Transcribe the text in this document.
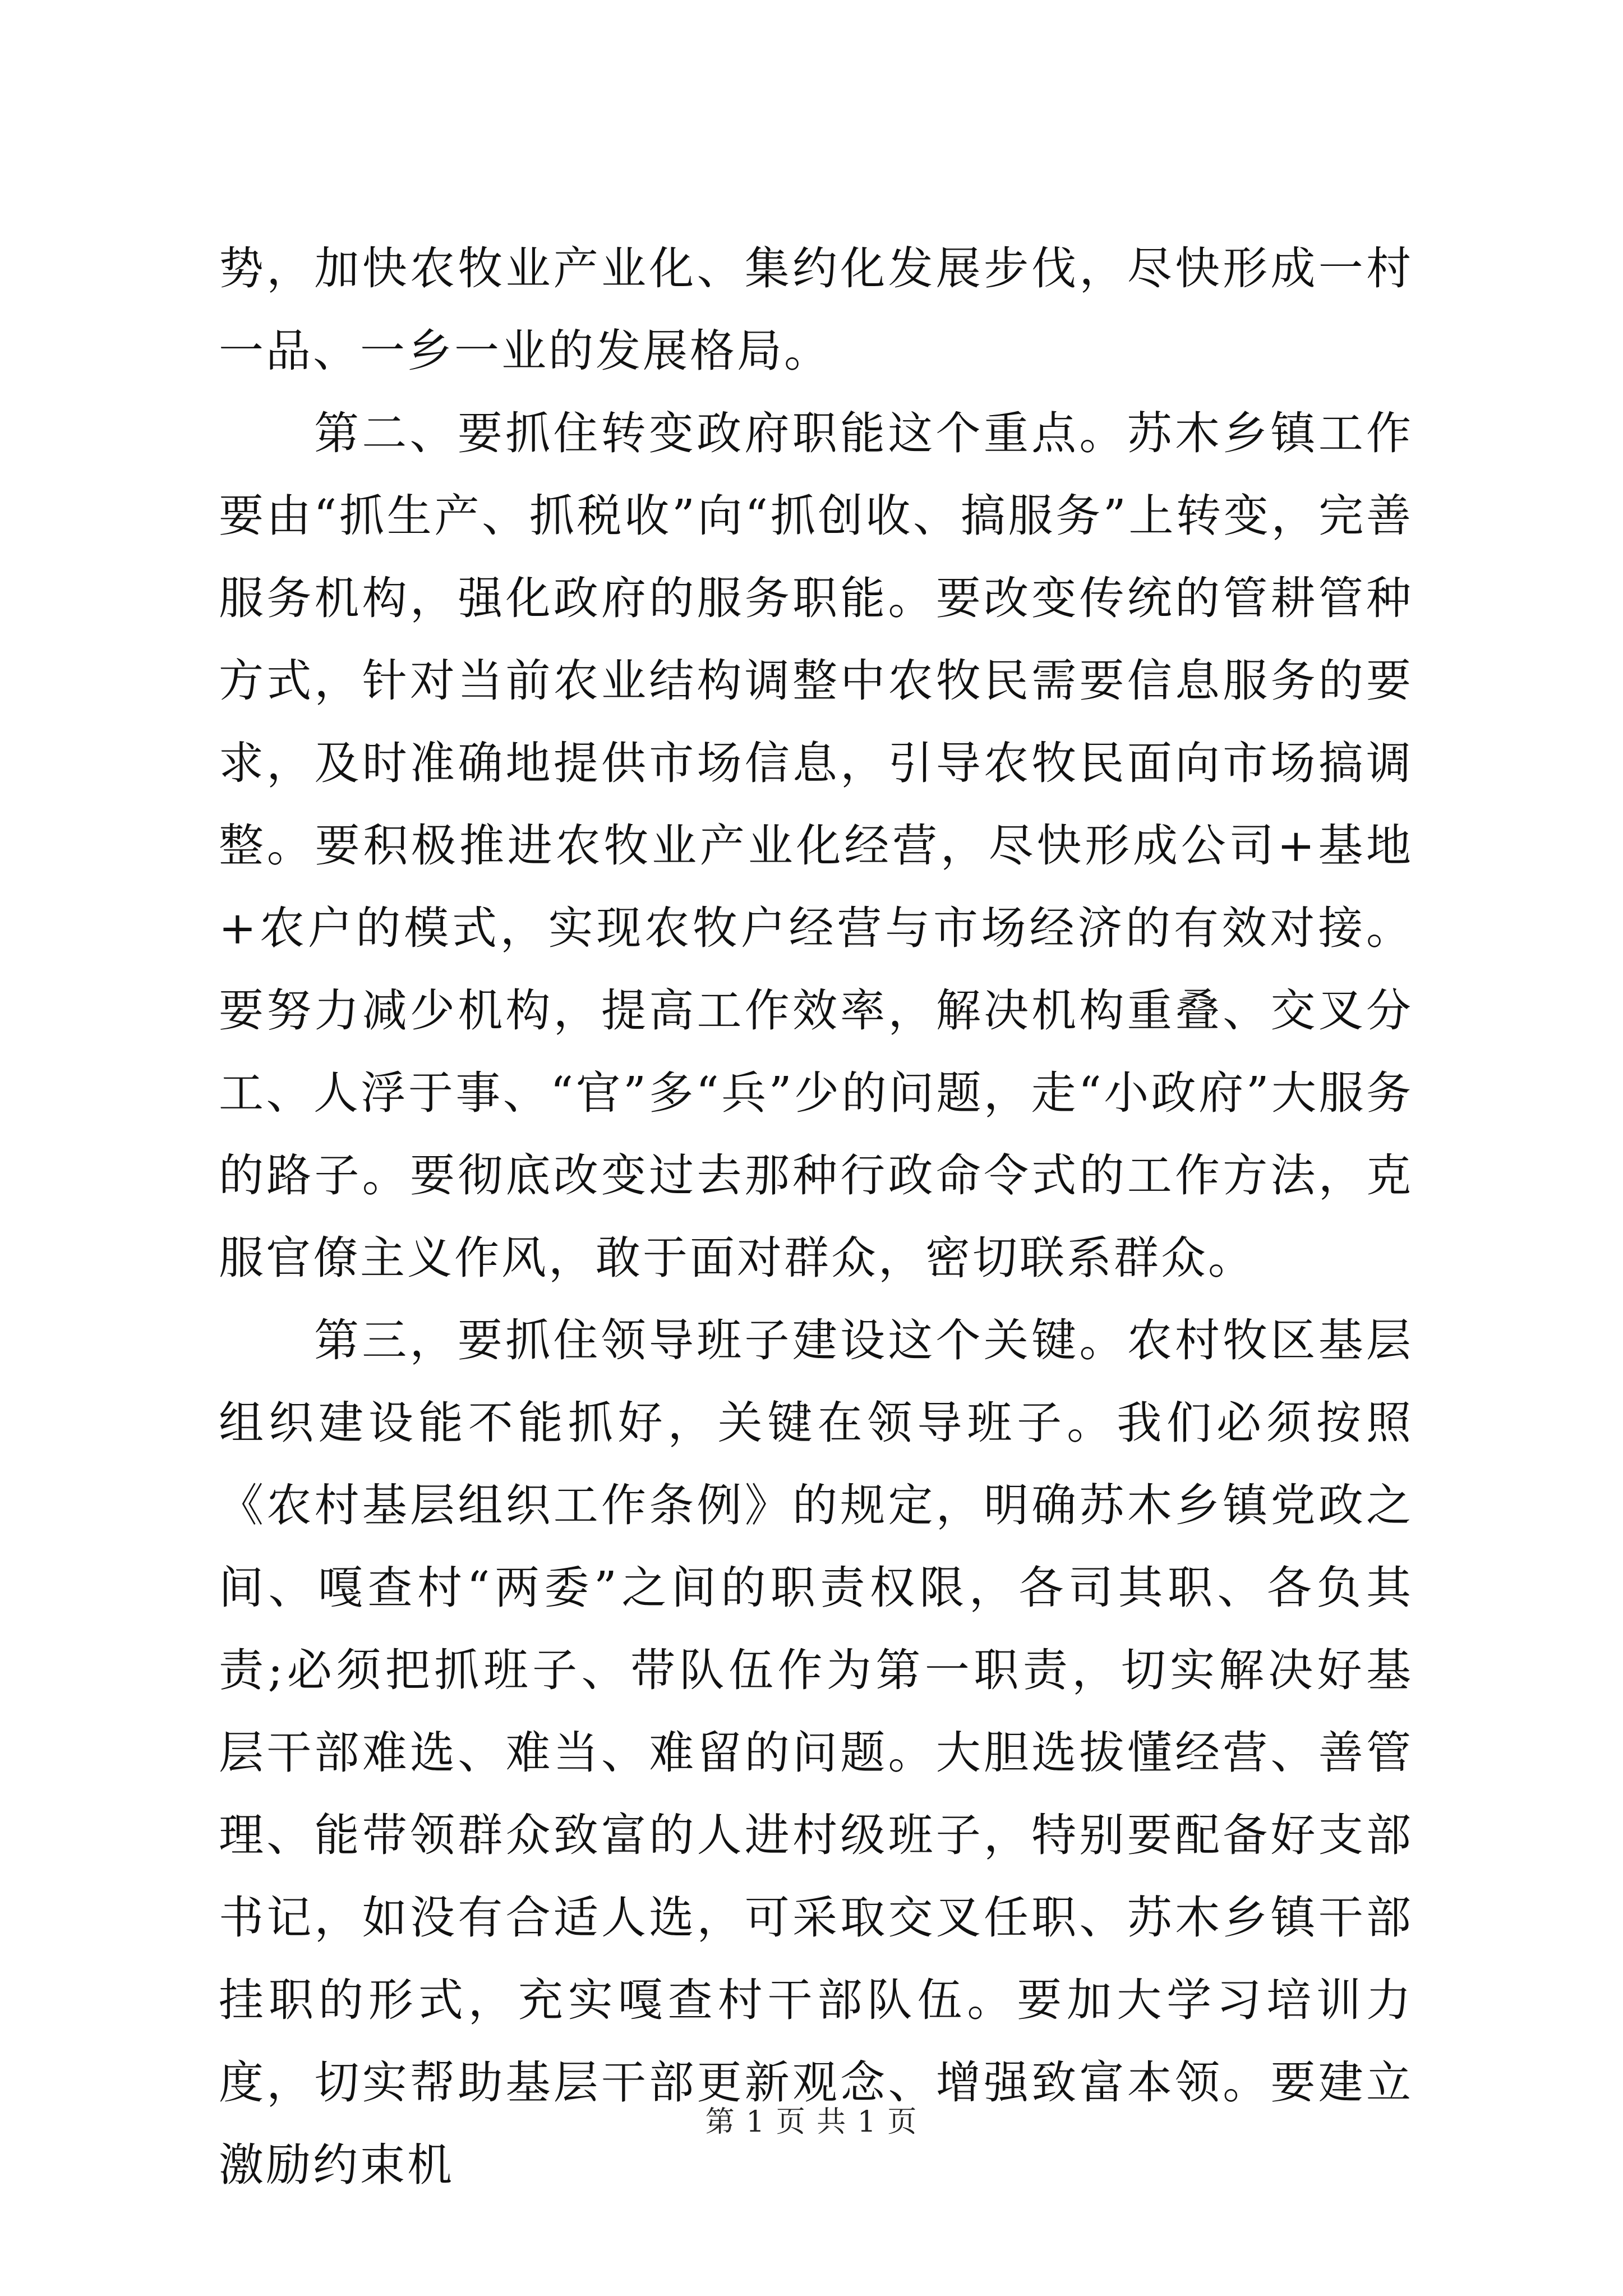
势，加快农牧业产业化、集约化发展步伐，尽快形成一村一品、一乡一业的发展格局。

第二、要抓住转变政府职能这个重点。苏木乡镇工作要由“抓生产、抓税收”向“抓创收、搞服务”上转变，完善服务机构，强化政府的服务职能。要改变传统的管耕管种方式，针对当前农业结构调整中农牧民需要信息服务的要求，及时准确地提供市场信息，引导农牧民面向市场搞调整。要积极推进农牧业产业化经营，尽快形成公司+基地+农户的模式，实现农牧户经营与市场经济的有效对接。要努力减少机构，提高工作效率，解决机构重叠、交叉分工、人浮于事、“官”多“兵”少的问题，走“小政府”大服务的路子。要彻底改变过去那种行政命令式的工作方法，克服官僚主义作风，敢于面对群众，密切联系群众。

第三，要抓住领导班子建设这个关键。农村牧区基层组织建设能不能抓好，关键在领导班子。我们必须按照《农村基层组织工作条例》的规定，明确苏木乡镇党政之间、嘎查村“两委”之间的职责权限，各司其职、各负其责;必须把抓班子、带队伍作为第一职责，切实解决好基层干部难选、难当、难留的问题。大胆选拔懂经营、善管理、能带领群众致富的人进村级班子，特别要配备好支部书记，如没有合适人选，可采取交叉任职、苏木乡镇干部挂职的形式，充实嘎查村干部队伍。要加大学习培训力度，切实帮助基层干部更新观念、增强致富本领。要建立激励约束机

第 1 页 共 1 页
